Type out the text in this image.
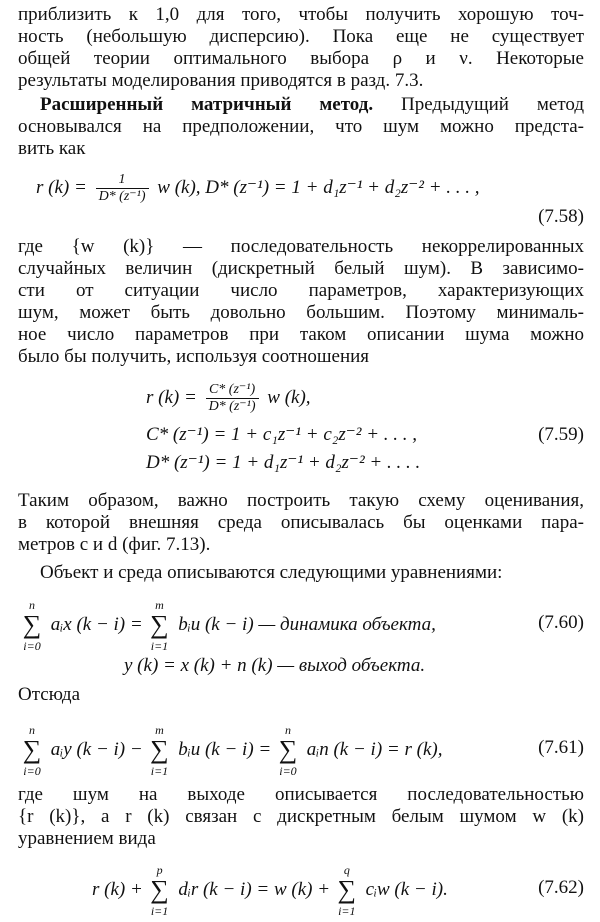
приблизить к 1,0 для того, чтобы получить хорошую точ-
ность (небольшую дисперсию). Пока еще не существует
общей теории оптимального выбора ρ и ν. Некоторые
результаты моделирования приводятся в разд. 7.3.
Расширенный матричный метод. Предыдущий метод
основывался на предположении, что шум можно предста-
вить как
r $(k) = \frac{1}{\text{D* (z⁻¹)}}$ w (k), D* (z⁻¹) = 1 + d₁z⁻¹ + d₂z⁻² + . . . ,
(7.58)
где {w (k)} — последовательность некоррелированных
случайных величин (дискретный белый шум). В зависимо-
сти от ситуации число параметров, характеризующих
шум, может быть довольно большим. Поэтому минималь-
ное число параметров при таком описании шума можно
было бы получить, используя соотношения
r $(k) = \frac{\text{C* (z⁻¹)}}{\text{D* (z⁻¹)}}$ w (k),
C* (z⁻¹) = 1 + c₁z⁻¹ + c₂z⁻² + . . . ,	(7.59)
D* (z⁻¹) = 1 + d₁z⁻¹ + d₂z⁻² + . . . .
Таким образом, важно построить такую схему оценивания,
в которой внешняя среда описывалась бы оценками пара-
метров c и d (фиг. 7.13).
Объект и среда описываются следующими уравнениями:
n
∑
i=0
aᵢx (k − i) =
m
∑
i=1
bᵢu (k − i) — динамика объекта,	(7.60)
y (k) = x (k) + n (k) — выход объекта.
Отсюда
n
∑
i=0
aᵢy (k − i) −
m
∑
i=1
bᵢu (k − i) =
n
∑
i=0
aᵢn (k − i) = r (k),	(7.61)
где шум на выходе описывается последовательностью
{r (k)}, а r (k) связан с дискретным белым шумом w (k)
уравнением вида
r (k) +
p
∑
i=1
dᵢr (k − i) = w (k) +
q
∑
i=1
cᵢw (k − i).	(7.62)
